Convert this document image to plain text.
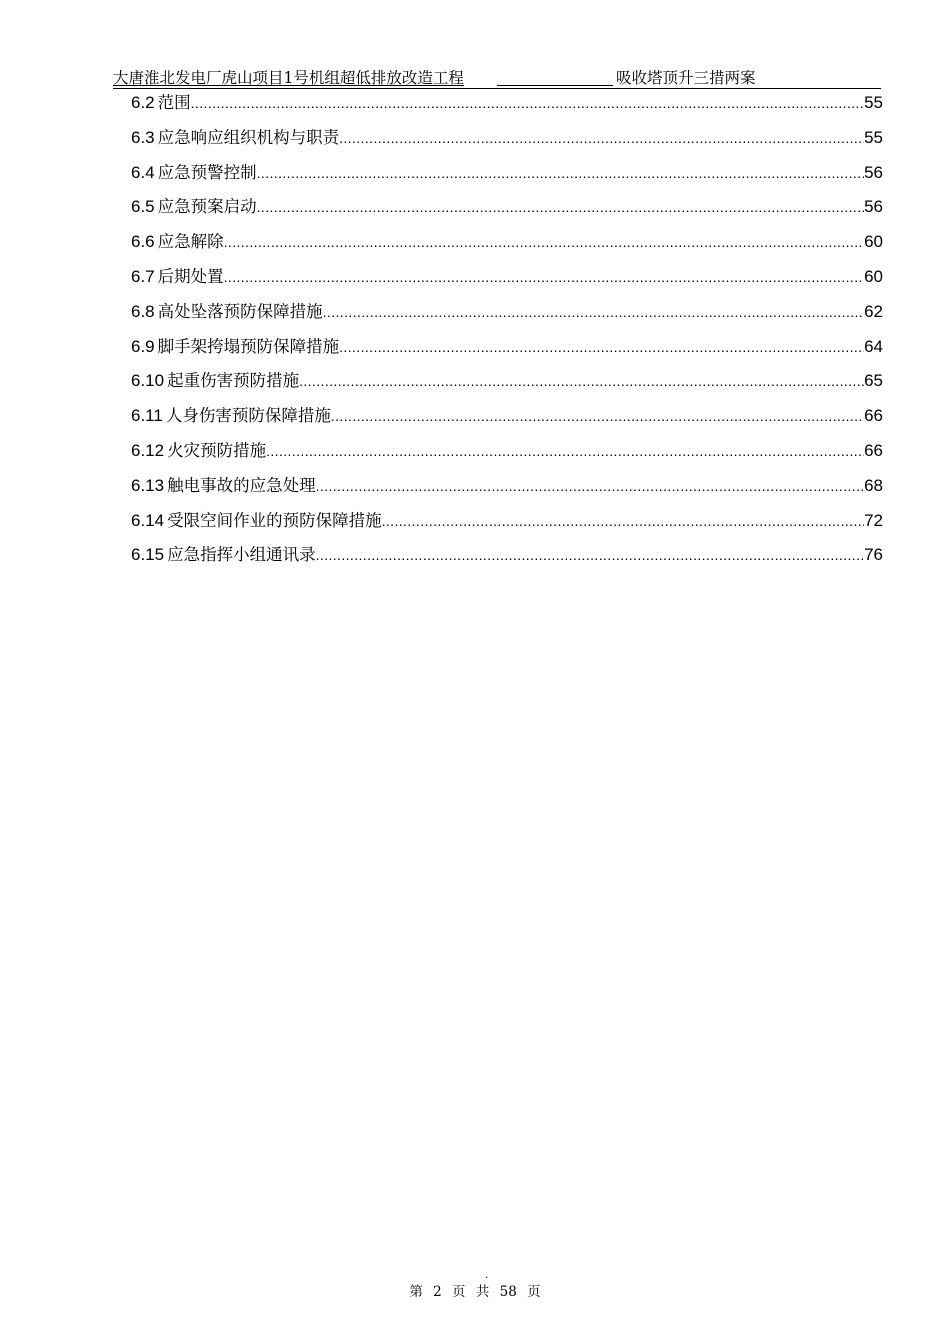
大唐淮北发电厂虎山项目1号机组超低排放改造工程	吸收塔顶升三措两案
6.2 范围 .....	55
6.3 应急响应组织机构与职责 .....	55
6.4 应急预警控制 .....	56
6.5 应急预案启动 .....	56
6.6 应急解除 .....	60
6.7 后期处置 .....	60
6.8 高处坠落预防保障措施 .....	62
6.9 脚手架挎塌预防保障措施 .....	64
6.10 起重伤害预防措施 .....	65
6.11 人身伤害预防保障措施 .....	66
6.12 火灾预防措施 .....	66
6.13 触电事故的应急处理 .....	68
6.14 受限空间作业的预防保障措施 .....	72
6.15 应急指挥小组通讯录 .....	76
.
第 2 页 共 58 页
